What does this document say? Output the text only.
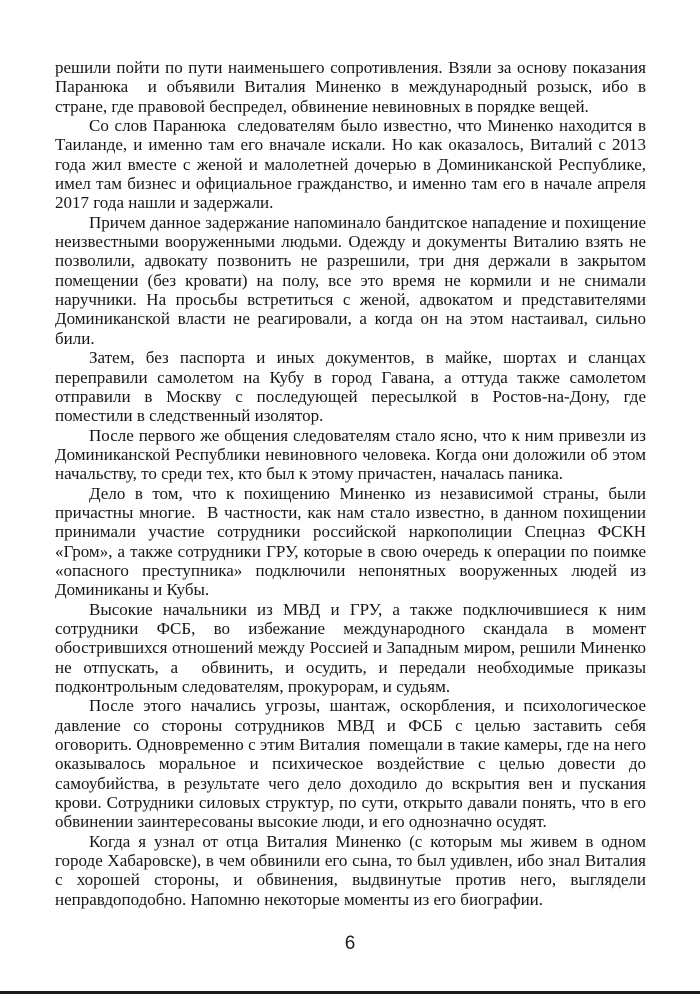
решили пойти по пути наименьшего сопротивления. Взяли за основу показания Паранюка  и объявили Виталия Миненко в международный розыск, ибо в стране, где правовой беспредел, обвинение невиновных в порядке вещей.

Со слов Паранюка  следователям было известно, что Миненко находится в Таиланде, и именно там его вначале искали. Но как оказалось, Виталий с 2013 года жил вместе с женой и малолетней дочерью в Доминиканской Республике, имел там бизнес и официальное гражданство, и именно там его в начале апреля 2017 года нашли и задержали.

Причем данное задержание напоминало бандитское нападение и похищение неизвестными вооруженными людьми. Одежду и документы Виталию взять не позволили, адвокату позвонить не разрешили, три дня держали в закрытом помещении (без кровати) на полу, все это время не кормили и не снимали наручники. На просьбы встретиться с женой, адвокатом и представителями Доминиканской власти не реагировали, а когда он на этом настаивал, сильно били.

Затем, без паспорта и иных документов, в майке, шортах и сланцах переправили самолетом на Кубу в город Гавана, а оттуда также самолетом отправили в Москву с последующей пересылкой в Ростов-на-Дону, где поместили в следственный изолятор.

После первого же общения следователям стало ясно, что к ним привезли из Доминиканской Республики невиновного человека. Когда они доложили об этом начальству, то среди тех, кто был к этому причастен, началась паника.

Дело в том, что к похищению Миненко из независимой страны, были причастны многие.  В частности, как нам стало известно, в данном похищении принимали участие сотрудники российской наркополиции Спецназ ФСКН «Гром», а также сотрудники ГРУ, которые в свою очередь к операции по поимке «опасного преступника» подключили непонятных вооруженных людей из Доминиканы и Кубы.

Высокие начальники из МВД и ГРУ, а также подключившиеся к ним сотрудники ФСБ, во избежание международного скандала в момент обострившихся отношений между Россией и Западным миром, решили Миненко не отпускать, а  обвинить, и осудить, и передали необходимые приказы подконтрольным следователям, прокурорам, и судьям.

После этого начались угрозы, шантаж, оскорбления, и психологическое давление со стороны сотрудников МВД и ФСБ с целью заставить себя оговорить. Одновременно с этим Виталия  помещали в такие камеры, где на него оказывалось моральное и психическое воздействие с целью довести до самоубийства, в результате чего дело доходило до вскрытия вен и пускания крови. Сотрудники силовых структур, по сути, открыто давали понять, что в его обвинении заинтересованы высокие люди, и его однозначно осудят.

Когда я узнал от отца Виталия Миненко (с которым мы живем в одном городе Хабаровске), в чем обвинили его сына, то был удивлен, ибо знал Виталия с хорошей стороны, и обвинения, выдвинутые против него, выглядели неправдоподобно. Напомню некоторые моменты из его биографии.

6
